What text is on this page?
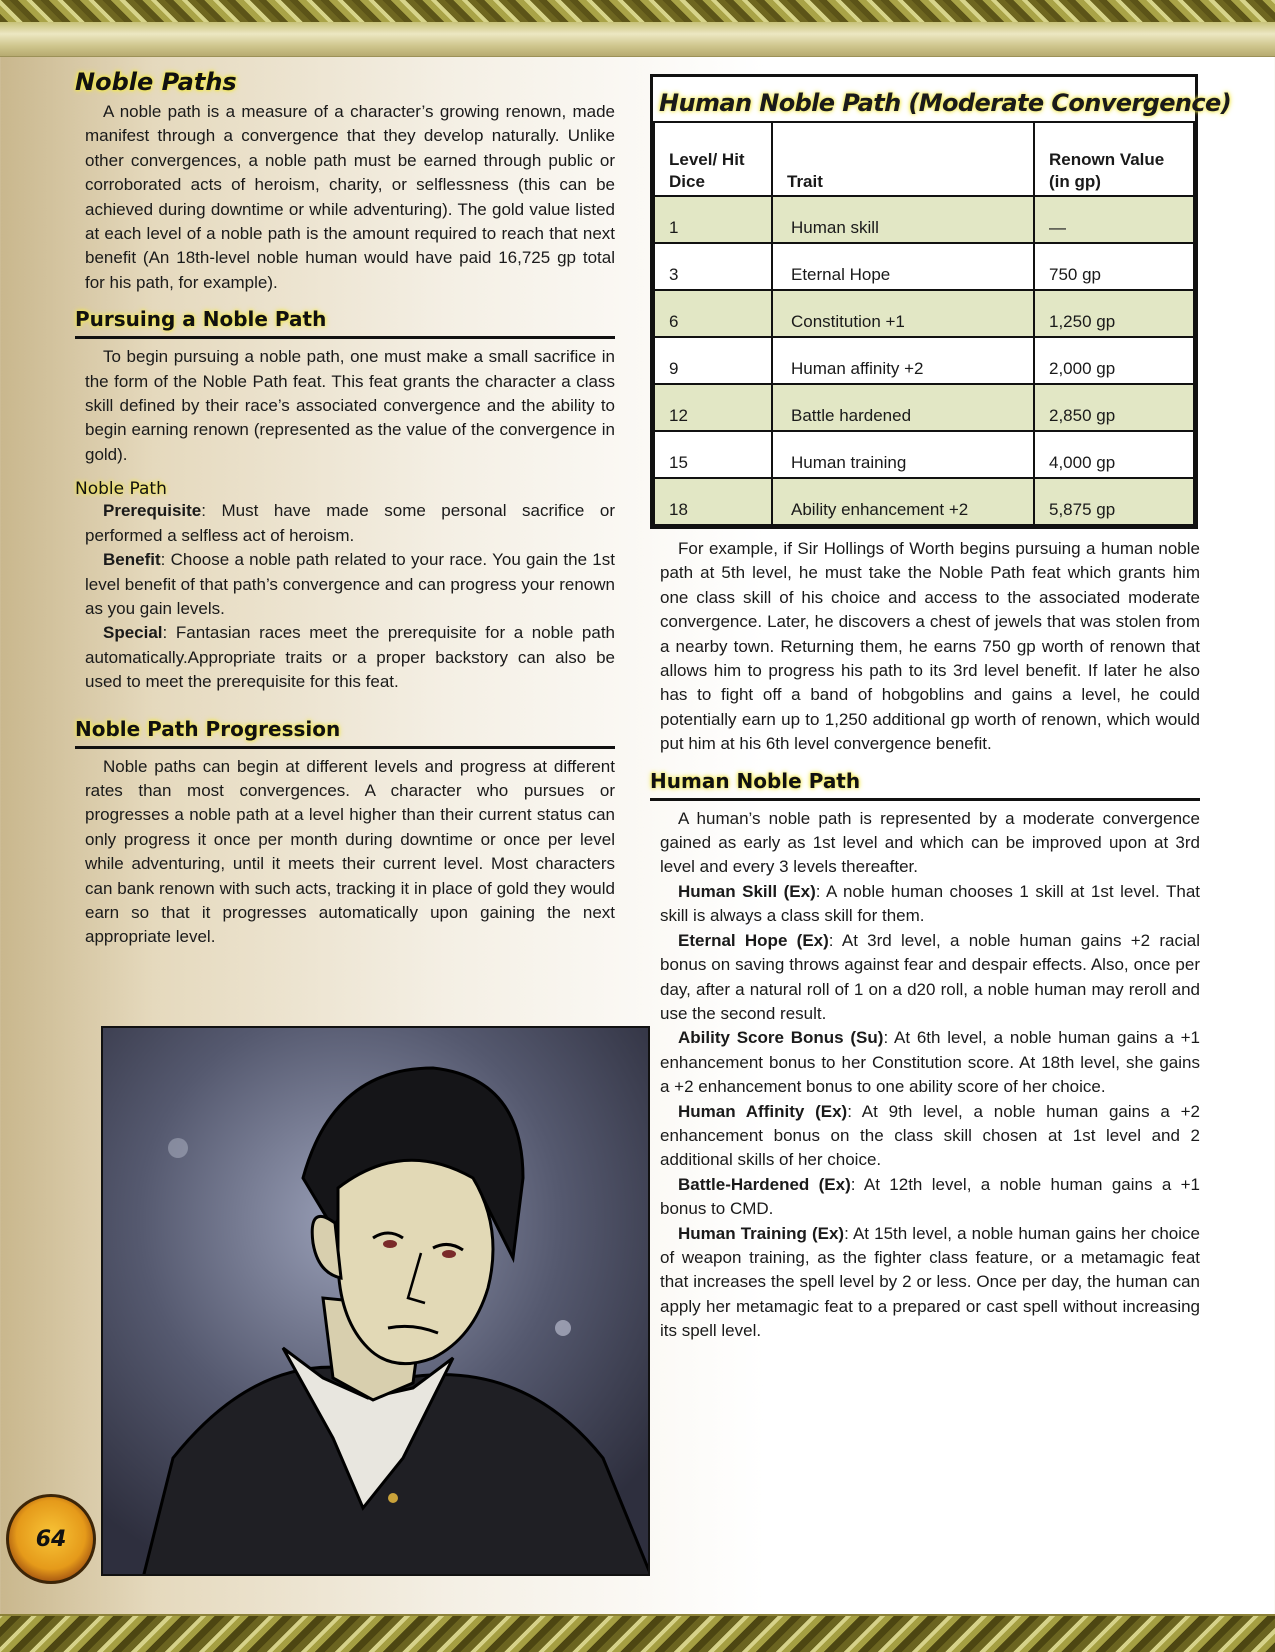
Noble Paths

A noble path is a measure of a character’s growing renown, made manifest through a convergence that they develop naturally. Unlike other convergences, a noble path must be earned through public or corroborated acts of heroism, charity, or selflessness (this can be achieved during downtime or while adventuring). The gold value listed at each level of a noble path is the amount required to reach that next benefit (An 18th-level noble human would have paid 16,725 gp total for his path, for example).

Pursuing a Noble Path

To begin pursuing a noble path, one must make a small sacrifice in the form of the Noble Path feat. This feat grants the character a class skill defined by their race’s associated convergence and the ability to begin earning renown (represented as the value of the convergence in gold).

Noble Path

Prerequisite: Must have made some personal sacrifice or performed a selfless act of heroism.

Benefit: Choose a noble path related to your race. You gain the 1st level benefit of that path’s convergence and can progress your renown as you gain levels.

Special: Fantasian races meet the prerequisite for a noble path automatically.Appropriate traits or a proper backstory can also be used to meet the prerequisite for this feat.

Noble Path Progression

Noble paths can begin at different levels and progress at different rates than most convergences. A character who pursues or progresses a noble path at a level higher than their current status can only progress it once per month during downtime or once per level while adventuring, until it meets their current level. Most characters can bank renown with such acts, tracking it in place of gold they would earn so that it progresses automatically upon gaining the next appropriate level.

Human Noble Path (Moderate Convergence)
Level/ Hit Dice	Trait	Renown Value (in gp)
1	Human skill	—
3	Eternal Hope	750 gp
6	Constitution +1	1,250 gp
9	Human affinity +2	2,000 gp
12	Battle hardened	2,850 gp
15	Human training	4,000 gp
18	Ability enhancement +2	5,875 gp

For example, if Sir Hollings of Worth begins pursuing a human noble path at 5th level, he must take the Noble Path feat which grants him one class skill of his choice and access to the associated moderate convergence. Later, he discovers a chest of jewels that was stolen from a nearby town. Returning them, he earns 750 gp worth of renown that allows him to progress his path to its 3rd level benefit. If later he also has to fight off a band of hobgoblins and gains a level, he could potentially earn up to 1,250 additional gp worth of renown, which would put him at his 6th level convergence benefit.

Human Noble Path

A human’s noble path is represented by a moderate convergence gained as early as 1st level and which can be improved upon at 3rd level and every 3 levels thereafter.

Human Skill (Ex): A noble human chooses 1 skill at 1st level. That skill is always a class skill for them.

Eternal Hope (Ex): At 3rd level, a noble human gains +2 racial bonus on saving throws against fear and despair effects. Also, once per day, after a natural roll of 1 on a d20 roll, a noble human may reroll and use the second result.

Ability Score Bonus (Su): At 6th level, a noble human gains a +1 enhancement bonus to her Constitution score. At 18th level, she gains a +2 enhancement bonus to one ability score of her choice.

Human Affinity (Ex): At 9th level, a noble human gains a +2 enhancement bonus on the class skill chosen at 1st level and 2 additional skills of her choice.

Battle-Hardened (Ex): At 12th level, a noble human gains a +1 bonus to CMD.

Human Training (Ex): At 15th level, a noble human gains her choice of weapon training, as the fighter class feature, or a metamagic feat that increases the spell level by 2 or less. Once per day, the human can apply her metamagic feat to a prepared or cast spell without increasing its spell level.

64
